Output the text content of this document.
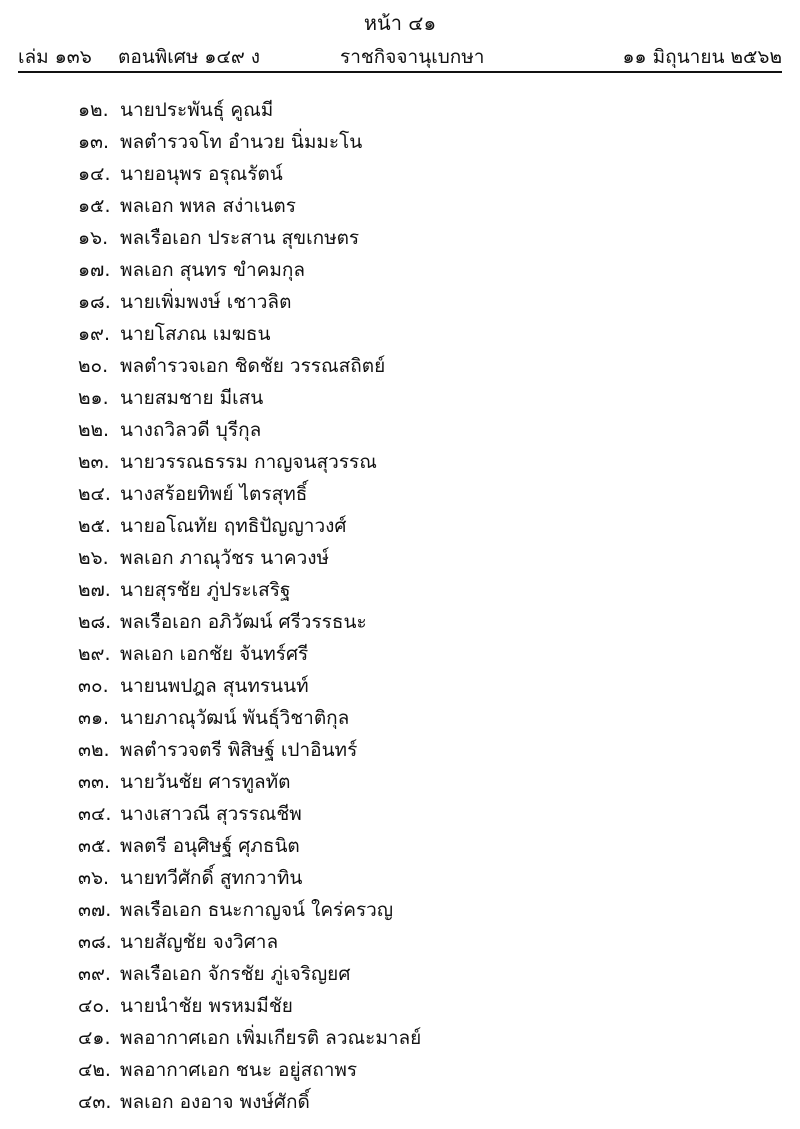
หน้า ๔๑
เล่ม ๑๓๖ ตอนพิเศษ ๑๔๙ ง	ราชกิจจานุเบกษา	๑๑ มิถุนายน ๒๕๖๒
๑๒. นายประพันธุ์ คูณมี
๑๓. พลตำรวจโท อำนวย นิ่มมะโน
๑๔. นายอนุพร อรุณรัตน์
๑๕. พลเอก พหล สง่าเนตร
๑๖. พลเรือเอก ประสาน สุขเกษตร
๑๗. พลเอก สุนทร ขำคมกุล
๑๘. นายเพิ่มพงษ์ เชาวลิต
๑๙. นายโสภณ เมฆธน
๒๐. พลตำรวจเอก ชิดชัย วรรณสถิตย์
๒๑. นายสมชาย มีเสน
๒๒. นางถวิลวดี บุรีกุล
๒๓. นายวรรณธรรม กาญจนสุวรรณ
๒๔. นางสร้อยทิพย์ ไตรสุทธิ์
๒๕. นายอโณทัย ฤทธิปัญญาวงศ์
๒๖. พลเอก ภาณุวัชร นาควงษ์
๒๗. นายสุรชัย ภู่ประเสริฐ
๒๘. พลเรือเอก อภิวัฒน์ ศรีวรรธนะ
๒๙. พลเอก เอกชัย จันทร์ศรี
๓๐. นายนพปฎล สุนทรนนท์
๓๑. นายภาณุวัฒน์ พันธุ์วิชาติกุล
๓๒. พลตำรวจตรี พิสิษฐ์ เปาอินทร์
๓๓. นายวันชัย ศารทูลทัต
๓๔. นางเสาวณี สุวรรณชีพ
๓๕. พลตรี อนุศิษฐ์ ศุภธนิต
๓๖. นายทวีศักดิ์ สูทกวาทิน
๓๗. พลเรือเอก ธนะกาญจน์ ใคร่ครวญ
๓๘. นายสัญชัย จงวิศาล
๓๙. พลเรือเอก จักรชัย ภู่เจริญยศ
๔๐. นายนำชัย พรหมมีชัย
๔๑. พลอากาศเอก เพิ่มเกียรติ ลวณะมาลย์
๔๒. พลอากาศเอก ชนะ อยู่สถาพร
๔๓. พลเอก องอาจ พงษ์ศักดิ์
